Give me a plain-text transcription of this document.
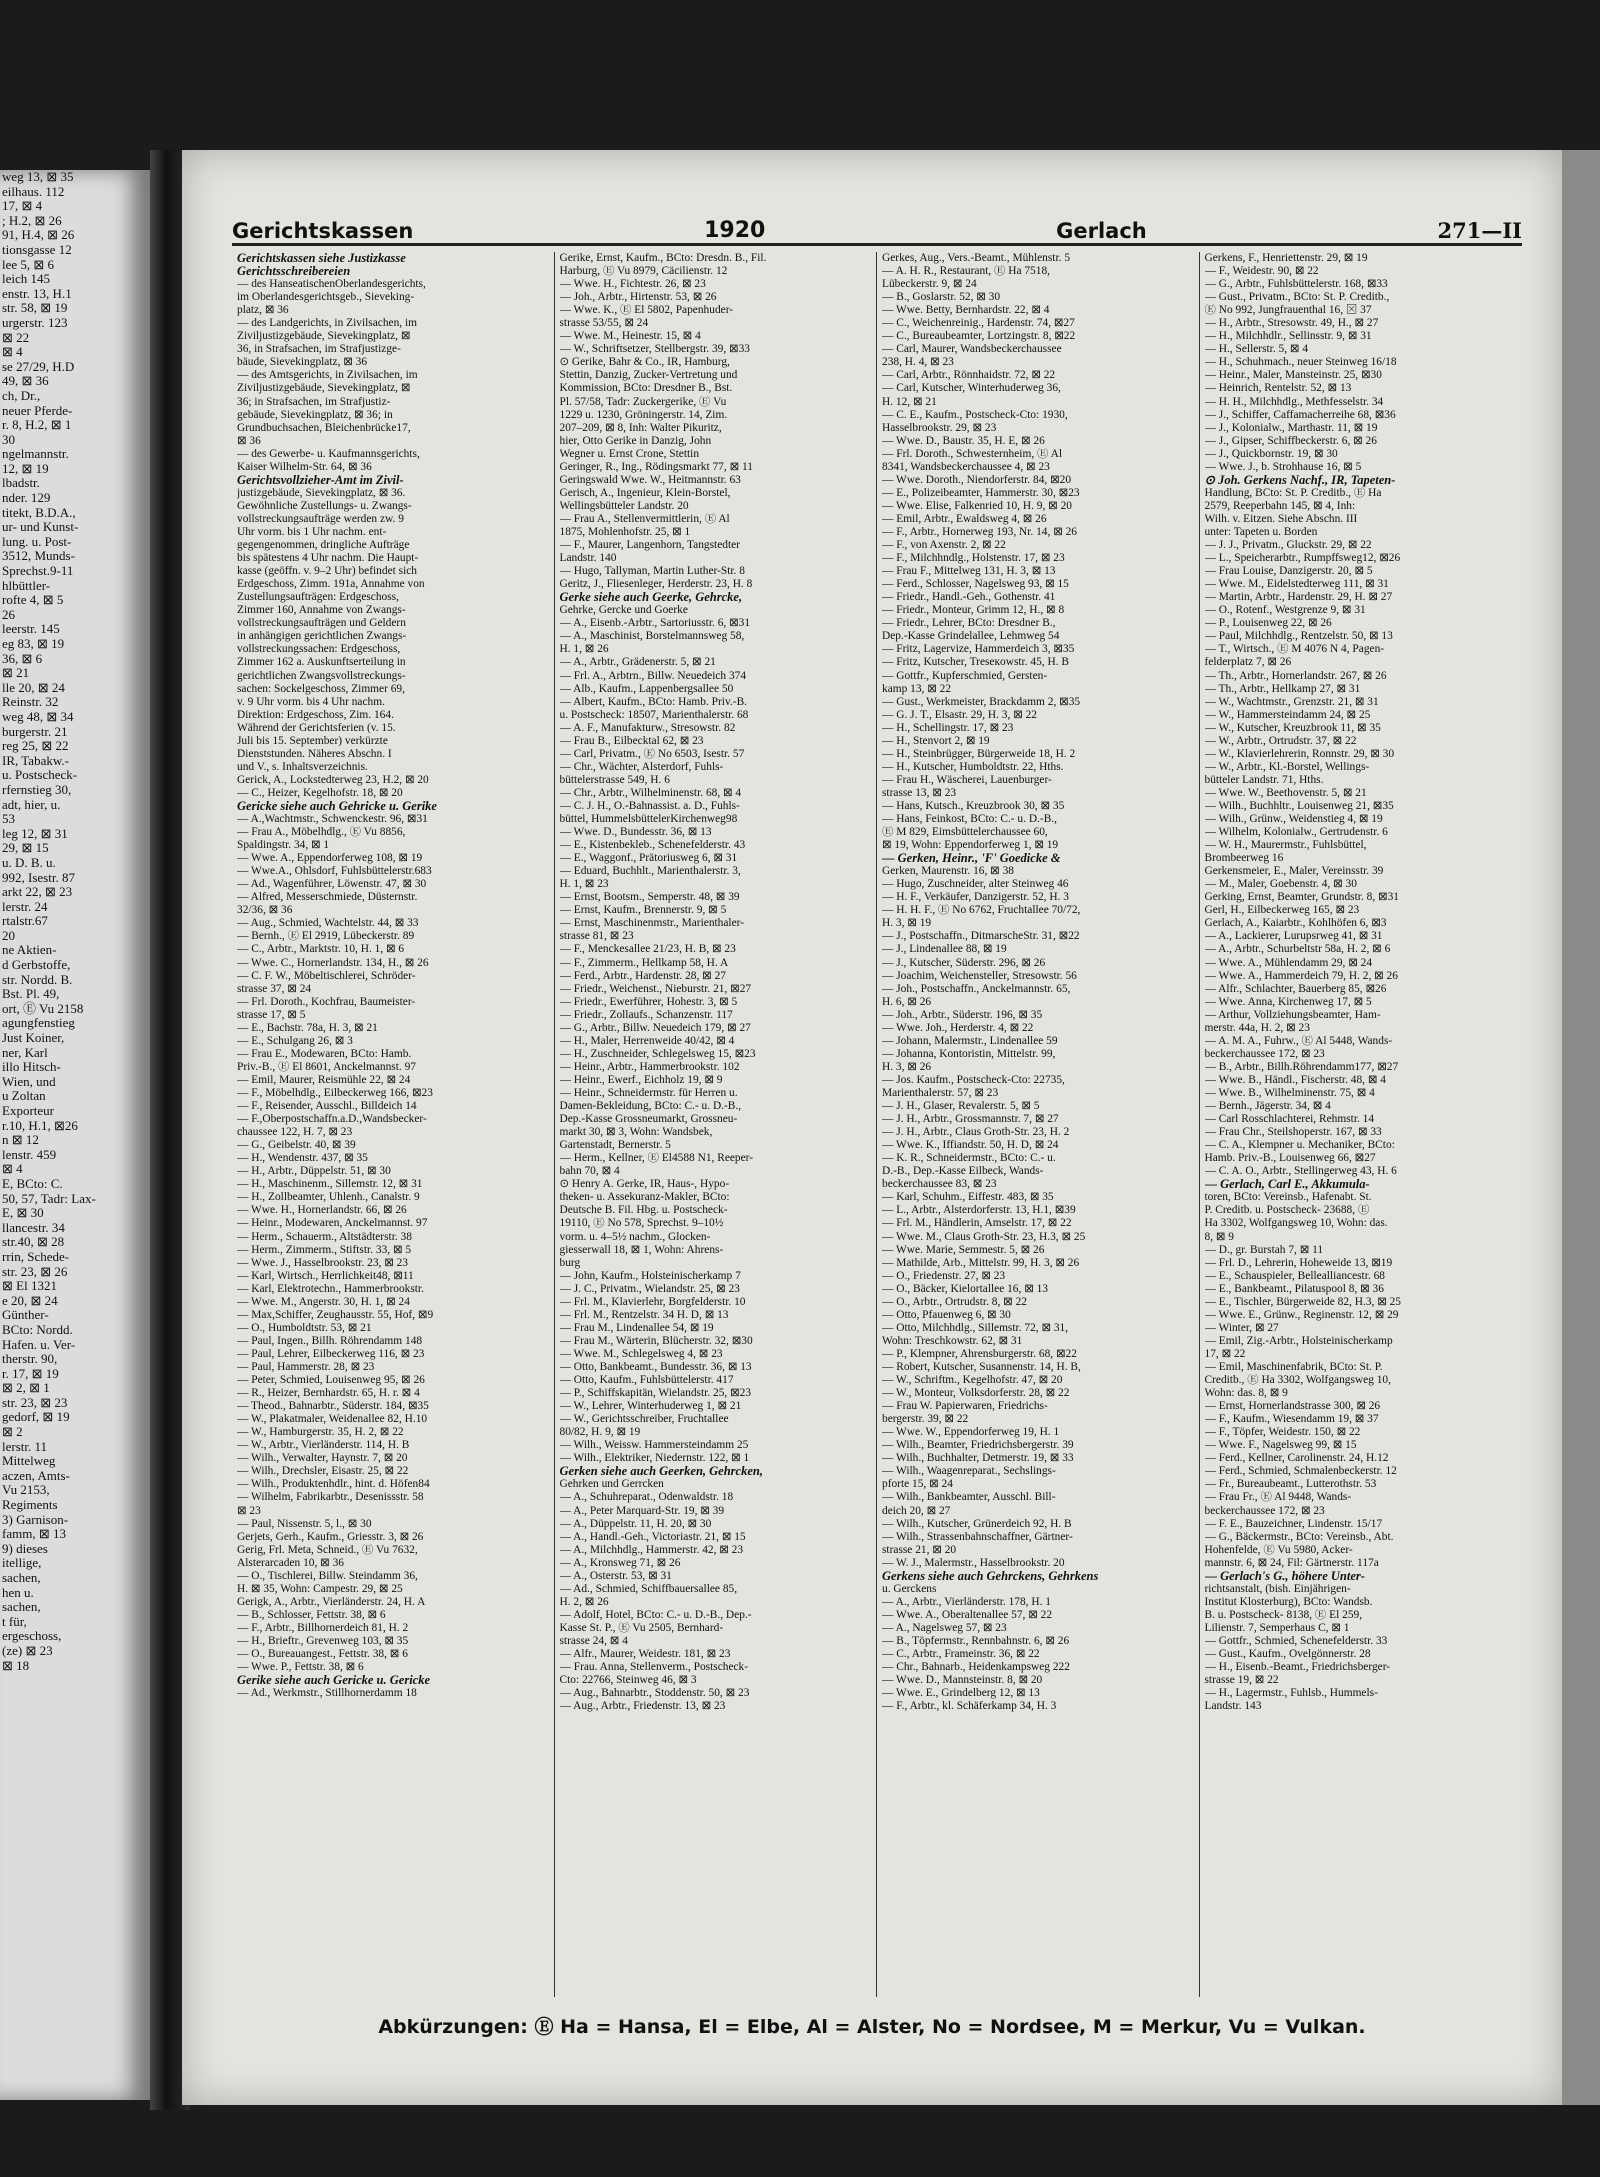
weg 13, ⊠ 35
eilhaus. 112
17, ⊠ 4
; H.2, ⊠ 26
91, H.4, ⊠ 26
tionsgasse 12
lee 5, ⊠ 6
leich 145
enstr. 13, H.1
str. 58, ⊠ 19
urgerstr. 123
⊠ 22
⊠ 4
se 27/29, H.D
49, ⊠ 36
ch, Dr.,
neuer Pferde-
r. 8, H.2, ⊠ 1
30
ngelmannstr.
12, ⊠ 19
lbadstr.
nder. 129
titekt, B.D.A.,
ur- und Kunst-
lung. u. Post-
3512, Munds-
Sprechst.9-11
hlbüttler-
rofte 4, ⊠ 5
26
leerstr. 145
eg 83, ⊠ 19
36, ⊠ 6
⊠ 21
lle 20, ⊠ 24
Reinstr. 32
weg 48, ⊠ 34
burgerstr. 21
reg 25, ⊠ 22
IR, Tabakw.-
u. Postscheck-
rfernstieg 30,
adt, hier, u.
53
leg 12, ⊠ 31
29, ⊠ 15
u. D. B. u.
992, Isestr. 87
arkt 22, ⊠ 23
lerstr. 24
rtalstr.67
20
ne Aktien-
d Gerbstoffe,
str. Nordd. B.
Bst. Pl. 49,
ort, Ⓔ Vu 2158
agungfenstieg
Just Koiner,
ner, Karl
illo Hitsch-
Wien, und
u Zoltan
Exporteur
r.10, H.1, ⊠26
n ⊠ 12
lenstr. 459
⊠ 4
E, BCto: C.
50, 57, Tadr: Lax-
E, ⊠ 30
llancestr. 34
str.40, ⊠ 28
rrin, Schede-
str. 23, ⊠ 26
⊠ El 1321
e 20, ⊠ 24
Günther-
BCto: Nordd.
Hafen. u. Ver-
therstr. 90,
r. 17, ⊠ 19
⊠ 2, ⊠ 1
str. 23, ⊠ 23
gedorf, ⊠ 19
⊠ 2
lerstr. 11
Mittelweg
aczen, Amts-
Vu 2153,
Regiments
3) Garnison-
famm, ⊠ 13
9) dieses
itellige,
sachen,
hen u.
sachen,
t für,
ergeschoss,
(ze) ⊠ 23
⊠ 18
Gerichtskassen	1920	Gerlach	271—II
Gerichtskassen siehe Justizkasse
Gerichtsschreibereien
— des HanseatischenOberlandesgerichts,
im Oberlandesgerichtsgeb., Sieveking-
platz, ⊠ 36
— des Landgerichts, in Zivilsachen, im
Ziviljustizgebäude, Sievekingplatz, ⊠
36, in Strafsachen, im Strafjustizge-
bäude, Sievekingplatz, ⊠ 36
— des Amtsgerichts, in Zivilsachen, im
Ziviljustizgebäude, Sievekingplatz, ⊠
36; in Strafsachen, im Strafjustiz-
gebäude, Sievekingplatz, ⊠ 36; in
Grundbuchsachen, Bleichenbrücke17,
⊠ 36
— des Gewerbe- u. Kaufmannsgerichts,
Kaiser Wilhelm-Str. 64, ⊠ 36
Gerichtsvollzieher-Amt im Zivil-
justizgebäude, Sievekingplatz, ⊠ 36.
Gewöhnliche Zustellungs- u. Zwangs-
vollstreckungsaufträge werden zw. 9
Uhr vorm. bis 1 Uhr nachm. ent-
gegengenommen, dringliche Aufträge
bis spätestens 4 Uhr nachm. Die Haupt-
kasse (geöffn. v. 9–2 Uhr) befindet sich
Erdgeschoss, Zimm. 191a, Annahme von
Zustellungsaufträgen: Erdgeschoss,
Zimmer 160, Annahme von Zwangs-
vollstreckungsaufträgen und Geldern
in anhängigen gerichtlichen Zwangs-
vollstreckungssachen: Erdgeschoss,
Zimmer 162 a. Auskunftserteilung in
gerichtlichen Zwangsvollstreckungs-
sachen: Sockelgeschoss, Zimmer 69,
v. 9 Uhr vorm. bis 4 Uhr nachm.
Direktion: Erdgeschoss, Zim. 164.
Während der Gerichtsferien (v. 15.
Juli bis 15. September) verkürzte
Dienststunden. Näheres Abschn. I
und V., s. Inhaltsverzeichnis.
Gerick, A., Lockstedterweg 23, H.2, ⊠ 20
— C., Heizer, Kegelhofstr. 18, ⊠ 20
Gericke siehe auch Gehricke u. Gerike
— A.,Wachtmstr., Schwenckestr. 96, ⊠31
— Frau A., Möbelhdlg., Ⓔ Vu 8856,
Spaldingstr. 34, ⊠ 1
— Wwe. A., Eppendorferweg 108, ⊠ 19
— Wwe.A., Ohlsdorf, Fuhlsbüttelerstr.683
— Ad., Wagenführer, Löwenstr. 47, ⊠ 30
— Alfred, Messerschmiede, Düsternstr.
32/36, ⊠ 36
— Aug., Schmied, Wachtelstr. 44, ⊠ 33
— Bernh., Ⓔ El 2919, Lübeckerstr. 89
— C., Arbtr., Marktstr. 10, H. 1, ⊠ 6
— Wwe. C., Hornerlandstr. 134, H., ⊠ 26
— C. F. W., Möbeltischlerei, Schröder-
strasse 37, ⊠ 24
— Frl. Doroth., Kochfrau, Baumeister-
strasse 17, ⊠ 5
— E., Bachstr. 78a, H. 3, ⊠ 21
— E., Schulgang 26, ⊠ 3
— Frau E., Modewaren, BCto: Hamb.
Priv.-B., Ⓔ El 8601, Anckelmannst. 97
— Emil, Maurer, Reismühle 22, ⊠ 24
— F., Möbelhdlg., Eilbeckerweg 166, ⊠23
— F., Reisender, Ausschl., Billdeich 14
— F.,Oberpostschaffn.a.D.,Wandsbecker-
chaussee 122, H. 7, ⊠ 23
— G., Geibelstr. 40, ⊠ 39
— H., Wendenstr. 437, ⊠ 35
— H., Arbtr., Düppelstr. 51, ⊠ 30
— H., Maschinenm., Sillemstr. 12, ⊠ 31
— H., Zollbeamter, Uhlenh., Canalstr. 9
— Wwe. H., Hornerlandstr. 66, ⊠ 26
— Heinr., Modewaren, Anckelmannst. 97
— Herm., Schauerm., Altstädterstr. 38
— Herm., Zimmerm., Stiftstr. 33, ⊠ 5
— Wwe. J., Hasselbrookstr. 23, ⊠ 23
— Karl, Wirtsch., Herrlichkeit48, ⊠11
— Karl, Elektrotechn., Hammerbrookstr.
— Wwe. M., Angerstr. 30, H. 1, ⊠ 24
— Max,Schiffer, Zeughausstr. 55, Hof, ⊠9
— O., Humboldtstr. 53, ⊠ 21
— Paul, Ingen., Billh. Röhrendamm 148
— Paul, Lehrer, Eilbeckerweg 116, ⊠ 23
— Paul, Hammerstr. 28, ⊠ 23
— Peter, Schmied, Louisenweg 95, ⊠ 26
— R., Heizer, Bernhardstr. 65, H. r. ⊠ 4
— Theod., Bahnarbtr., Süderstr. 184, ⊠35
— W., Plakatmaler, Weidenallee 82, H.10
— W., Hamburgerstr. 35, H. 2, ⊠ 22
— W., Arbtr., Vierländerstr. 114, H. B
— Wilh., Verwalter, Haynstr. 7, ⊠ 20
— Wilh., Drechsler, Eisastr. 25, ⊠ 22
— Wilh., Produktenhdlr., hint. d. Höfen84
— Wilhelm, Fabrikarbtr., Desenissstr. 58
⊠ 23
— Paul, Nissenstr. 5, l., ⊠ 30
Gerjets, Gerh., Kaufm., Griesstr. 3, ⊠ 26
Gerig, Frl. Meta, Schneid., Ⓔ Vu 7632,
Alsterarcaden 10, ⊠ 36
— O., Tischlerei, Billw. Steindamm 36,
H. ⊠ 35, Wohn: Campestr. 29, ⊠ 25
Gerigk, A., Arbtr., Vierländerstr. 24, H. A
— B., Schlosser, Fettstr. 38, ⊠ 6
— F., Arbtr., Billhornerdeich 81, H. 2
— H., Brieftr., Grevenweg 103, ⊠ 35
— O., Bureauangest., Fettstr. 38, ⊠ 6
— Wwe. P., Fettstr. 38, ⊠ 6
Gerike siehe auch Gericke u. Gericke
— Ad., Werkmstr., Stillhornerdamm 18
Gerike, Ernst, Kaufm., BCto: Dresdn. B., Fil.
Harburg, Ⓔ Vu 8979, Cäcilienstr. 12
— Wwe. H., Fichtestr. 26, ⊠ 23
— Joh., Arbtr., Hirtenstr. 53, ⊠ 26
— Wwe. K., Ⓔ El 5802, Papenhuder-
strasse 53/55, ⊠ 24
— Wwe. M., Heinestr. 15, ⊠ 4
— W., Schriftsetzer, Stellbergstr. 39, ⊠33
⊙ Gerike, Bahr & Co., IR, Hamburg,
Stettin, Danzig, Zucker-Vertretung und
Kommission, BCto: Dresdner B., Bst.
Pl. 57/58, Tadr: Zuckergerike, Ⓔ Vu
1229 u. 1230, Gröningerstr. 14, Zim.
207–209, ⊠ 8, Inh: Walter Pikuritz,
hier, Otto Gerike in Danzig, John
Wegner u. Ernst Crone, Stettin
Geringer, R., Ing., Rödingsmarkt 77, ⊠ 11
Geringswald Wwe. W., Heitmannstr. 63
Gerisch, A., Ingenieur, Klein-Borstel,
Wellingsbütteler Landstr. 20
— Frau A., Stellenvermittlerin, Ⓔ Al
1875, Mohlenhofstr. 25, ⊠ 1
— F., Maurer, Langenhorn, Tangstedter
Landstr. 140
— Hugo, Tallyman, Martin Luther-Str. 8
Geritz, J., Fliesenleger, Herderstr. 23, H. 8
Gerke siehe auch Geerke, Gehrcke,
Gehrke, Gercke und Goerke
— A., Eisenb.-Arbtr., Sartoriusstr. 6, ⊠31
— A., Maschinist, Borstelmannsweg 58,
H. 1, ⊠ 26
— A., Arbtr., Grädenerstr. 5, ⊠ 21
— Frl. A., Arbtrn., Billw. Neuedeich 374
— Alb., Kaufm., Lappenbergsallee 50
— Albert, Kaufm., BCto: Hamb. Priv.-B.
u. Postscheck: 18507, Marienthalerstr. 68
— A. F., Manufakturw., Stresowstr. 82
— Frau B., Eilbecktal 62, ⊠ 23
— Carl, Privatm., Ⓔ No 6503, Isestr. 57
— Chr., Wächter, Alsterdorf, Fuhls-
büttelerstrasse 549, H. 6
— Chr., Arbtr., Wilhelminenstr. 68, ⊠ 4
— C. J. H., O.-Bahnassist. a. D., Fuhls-
büttel, HummelsbüttelerKirchenweg98
— Wwe. D., Bundesstr. 36, ⊠ 13
— E., Kistenbeklеb., Schenefelderstr. 43
— E., Waggonf., Prätoriusweg 6, ⊠ 31
— Eduard, Buchhlt., Marienthalerstr. 3,
H. 1, ⊠ 23
— Ernst, Bootsm., Semperstr. 48, ⊠ 39
— Ernst, Kaufm., Brennerstr. 9, ⊠ 5
— Ernst, Maschinenmstr., Marienthaler-
strasse 81, ⊠ 23
— F., Menckesallee 21/23, H. B, ⊠ 23
— F., Zimmerm., Hellkamp 58, H. A
— Ferd., Arbtr., Hardenstr. 28, ⊠ 27
— Friedr., Weichenst., Nieburstr. 21, ⊠27
— Friedr., Ewerführer, Hohestr. 3, ⊠ 5
— Friedr., Zollaufs., Schanzenstr. 117
— G., Arbtr., Billw. Neuedeich 179, ⊠ 27
— H., Maler, Herrenweide 40/42, ⊠ 4
— H., Zuschneider, Schlegelsweg 15, ⊠23
— Heinr., Arbtr., Hammerbrookstr. 102
— Heinr., Ewerf., Eichholz 19, ⊠ 9
— Heinr., Schneidermstr. für Herren u.
Damen-Bekleidung, BCto: C.- u. D.-B.,
Dep.-Kasse Grossneumarkt, Grossneu-
markt 30, ⊠ 3, Wohn: Wandsbek,
Gartenstadt, Bernerstr. 5
— Herm., Kellner, Ⓔ El4588 N1, Reeper-
bahn 70, ⊠ 4
⊙ Henry A. Gerke, IR, Haus-, Hypo-
theken- u. Assekuranz-Makler, BCto:
Deutsche B. Fil. Hbg. u. Postscheck-
19110, Ⓔ No 578, Sprechst. 9–10½
vorm. u. 4–5½ nachm., Glocken-
giesserwall 18, ⊠ 1, Wohn: Ahrens-
burg
— John, Kaufm., Holsteinischerkamp 7
— J. C., Privatm., Wielandstr. 25, ⊠ 23
— Frl. M., Klavierlehr, Borgfelderstr. 10
— Frl. M., Rentzelstr. 34 H. D, ⊠ 13
— Frau M., Lindenallee 54, ⊠ 19
— Frau M., Wärterin, Blücherstr. 32, ⊠30
— Wwe. M., Schlegelsweg 4, ⊠ 23
— Otto, Bankbeamt., Bundesstr. 36, ⊠ 13
— Otto, Kaufm., Fuhlsbüttelerstr. 417
— P., Schiffskapitän, Wielandstr. 25, ⊠23
— W., Lehrer, Winterhuderweg 1, ⊠ 21
— W., Gerichtsschreiber, Fruchtallee
80/82, H. 9, ⊠ 19
— Wilh., Weissw. Hammersteindamm 25
— Wilh., Elektriker, Niedernstr. 122, ⊠ 1
Gerken siehe auch Geerken, Gehrcken,
Gehrken und Gerrcken
— A., Schuhreparat., Odenwaldstr. 18
— A., Peter Marquard-Str. 19, ⊠ 39
— A., Düppelstr. 11, H. 20, ⊠ 30
— A., Handl.-Geh., Victoriastr. 21, ⊠ 15
— A., Milchhdlg., Hammerstr. 42, ⊠ 23
— A., Kronsweg 71, ⊠ 26
— A., Osterstr. 53, ⊠ 31
— Ad., Schmied, Schiffbauersallee 85,
H. 2, ⊠ 26
— Adolf, Hotel, BCto: C.- u. D.-B., Dep.-
Kasse St. P., Ⓔ Vu 2505, Bernhard-
strasse 24, ⊠ 4
— Alfr., Maurer, Weidestr. 181, ⊠ 23
— Frau. Anna, Stellenverm., Postscheck-
Cto: 22766, Steinweg 46, ⊠ 3
— Aug., Bahnarbtr., Stoddenstr. 50, ⊠ 23
— Aug., Arbtr., Friedenstr. 13, ⊠ 23
Gerkes, Aug., Vers.-Beamt., Mühlenstr. 5
— A. H. R., Restaurant, Ⓔ Ha 7518,
Lübeckerstr. 9, ⊠ 24
— B., Goslarstr. 52, ⊠ 30
— Wwe. Betty, Bernhardstr. 22, ⊠ 4
— C., Weichenreinig., Hardenstr. 74, ⊠27
— C., Bureaubeamter, Lortzingstr. 8, ⊠22
— Carl, Maurer, Wandsbeckerchaussee
238, H. 4, ⊠ 23
— Carl, Arbtr., Rönnhaidstr. 72, ⊠ 22
— Carl, Kutscher, Winterhuderweg 36,
H. 12, ⊠ 21
— C. E., Kaufm., Postscheck-Cto: 1930,
Hasselbrookstr. 29, ⊠ 23
— Wwe. D., Baustr. 35, H. E, ⊠ 26
— Frl. Doroth., Schwesternheim, Ⓔ Al
8341, Wandsbeckerchaussee 4, ⊠ 23
— Wwe. Doroth., Niendorferstr. 84, ⊠20
— E., Polizeibeamter, Hammerstr. 30, ⊠23
— Wwe. Elise, Falkenried 10, H. 9, ⊠ 20
— Emil, Arbtr., Ewaldsweg 4, ⊠ 26
— F., Arbtr., Hornerweg 193, Nr. 14, ⊠ 26
— F., von Axenstr. 2, ⊠ 22
— F., Milchhndlg., Holstenstr. 17, ⊠ 23
— Frau F., Mittelweg 131, H. 3, ⊠ 13
— Ferd., Schlosser, Nagelsweg 93, ⊠ 15
— Friedr., Handl.-Geh., Gothenstr. 41
— Friedr., Monteur, Grimm 12, H., ⊠ 8
— Friedr., Lehrer, BCto: Dresdner B.,
Dep.-Kasse Grindelallee, Lehmweg 54
— Fritz, Lagervize, Hammerdeich 3, ⊠35
— Fritz, Kutscher, Treseкowstr. 45, H. B
— Gottfr., Kupferschmied, Gersten-
kamp 13, ⊠ 22
— Gust., Werkmeister, Brackdamm 2, ⊠35
— G. J. T., Elsastr. 29, H. 3, ⊠ 22
— H., Schellingstr. 17, ⊠ 23
— H., Stenvort 2, ⊠ 19
— H., Steinbrügger, Bürgerweide 18, H. 2
— H., Kutscher, Humboldtstr. 22, Hths.
— Frau H., Wäscherei, Lauenburger-
strasse 13, ⊠ 23
— Hans, Kutsch., Kreuzbrook 30, ⊠ 35
— Hans, Feinkost, BCto: C.- u. D.-B.,
Ⓔ M 829, Eimsbüttelerchaussee 60,
⊠ 19, Wohn: Eppendorferweg 1, ⊠ 19
— Gerken, Heinr., 'F' Goedicke &
Gerken, Maurenstr. 16, ⊠ 38
— Hugo, Zuschneider, alter Steinweg 46
— H. F., Verkäufer, Danzigerstr. 52, H. 3
— H. H. F., Ⓔ No 6762, Fruchtallee 70/72,
H. 3, ⊠ 19
— J., Postschaffn., DitmarscheStr. 31, ⊠22
— J., Lindenallee 88, ⊠ 19
— J., Kutscher, Süderstr. 296, ⊠ 26
— Joachim, Weichensteller, Stresowstr. 56
— Joh., Postschaffn., Anckelmannstr. 65,
H. 6, ⊠ 26
— Joh., Arbtr., Süderstr. 196, ⊠ 35
— Wwe. Joh., Herderstr. 4, ⊠ 22
— Johann, Malermstr., Lindenallee 59
— Johanna, Kontoristin, Mittelstr. 99,
H. 3, ⊠ 26
— Jos. Kaufm., Postscheck-Cto: 22735,
Marienthalerstr. 57, ⊠ 23
— J. H., Glaser, Revalerstr. 5, ⊠ 5
— J. H., Arbtr., Grossmannstr. 7, ⊠ 27
— J. H., Arbtr., Claus Groth-Str. 23, H. 2
— Wwe. K., Iffiandstr. 50, H. D, ⊠ 24
— K. R., Schneidermstr., BCto: C.- u.
D.-B., Dep.-Kasse Eilbeck, Wands-
beckerchaussee 83, ⊠ 23
— Karl, Schuhm., Eiffestr. 483, ⊠ 35
— L., Arbtr., Alsterdorferstr. 13, H.1, ⊠39
— Frl. M., Händlerin, Amselstr. 17, ⊠ 22
— Wwe. M., Claus Groth-Str. 23, H.3, ⊠ 25
— Wwe. Marie, Semmestr. 5, ⊠ 26
— Mathilde, Arb., Mittelstr. 99, H. 3, ⊠ 26
— O., Friedenstr. 27, ⊠ 23
— O., Bäcker, Kielortallee 16, ⊠ 13
— O., Arbtr., Ortrudstr. 8, ⊠ 22
— Otto, Pfauenweg 6, ⊠ 30
— Otto, Milchhdlg., Sillemstr. 72, ⊠ 31,
Wohn: Treschkowstr. 62, ⊠ 31
— P., Klempner, Ahrensburgerstr. 68, ⊠22
— Robert, Kutscher, Susannenstr. 14, H. B,
— W., Schriftm., Kegelhofstr. 47, ⊠ 20
— W., Monteur, Volksdorferstr. 28, ⊠ 22
— Frau W. Papierwaren, Friedrichs-
bergerstr. 39, ⊠ 22
— Wwe. W., Eppendorferweg 19, H. 1
— Wilh., Beamter, Friedrichsbergerstr. 39
— Wilh., Buchhalter, Detmerstr. 19, ⊠ 33
— Wilh., Waagenreparat., Sechslings-
pforte 15, ⊠ 24
— Wilh., Bankbeamter, Ausschl. Bill-
deich 20, ⊠ 27
— Wilh., Kutscher, Grünerdeich 92, H. B
— Wilh., Strassenbahnschaffner, Gärtner-
strasse 21, ⊠ 20
— W. J., Malermstr., Hasselbrookstr. 20
Gerkens siehe auch Gehrckens, Gehrkens
u. Gerckens
— A., Arbtr., Vierländerstr. 178, H. 1
— Wwe. A., Oberaltenallee 57, ⊠ 22
— A., Nagelsweg 57, ⊠ 23
— B., Töpfermstr., Rennbahnstr. 6, ⊠ 26
— C., Arbtr., Frameinstr. 36, ⊠ 22
— Chr., Bahnarb., Heidenkampsweg 222
— Wwe. D., Mannsteinstr. 8, ⊠ 20
— Wwe. E., Grindelberg 12, ⊠ 13
— F., Arbtr., kl. Schäferkamp 34, H. 3
Gerkens, F., Henriettenstr. 29, ⊠ 19
— F., Weidestr. 90, ⊠ 22
— G., Arbtr., Fuhlsbüttelerstr. 168, ⊠33
— Gust., Privatm., BCto: St. P. Creditb.,
Ⓔ No 992, Jungfrauenthal 16, ⊠ 37
— H., Arbtr., Stresowstr. 49, H., ⊠ 27
— H., Milchhdlr., Sellinsstr. 9, ⊠ 31
— H., Sellerstr. 5, ⊠ 4
— H., Schuhmach., neuer Steinweg 16/18
— Heinr., Maler, Mansteinstr. 25, ⊠30
— Heinrich, Rentelstr. 52, ⊠ 13
— H. H., Milchhdlg., Methfesselstr. 34
— J., Schiffer, Caffamacherreihe 68, ⊠36
— J., Kolonialw., Marthastr. 11, ⊠ 19
— J., Gipser, Schiffbeckerstr. 6, ⊠ 26
— J., Quickbornstr. 19, ⊠ 30
— Wwe. J., b. Strohhause 16, ⊠ 5
⊙ Joh. Gerkens Nachf., IR, Tapeten-
Handlung, BCto: St. P. Creditb., Ⓔ Ha
2579, Reeperbahn 145, ⊠ 4, Inh:
Wilh. v. Eitzen. Siehe Abschn. III
unter: Tapeten u. Borden
— J. J., Privatm., Gluckstr. 29, ⊠ 22
— L., Speicherarbtr., Rumpffsweg12, ⊠26
— Frau Louise, Danzigerstr. 20, ⊠ 5
— Wwe. M., Eidelstedterweg 111, ⊠ 31
— Martin, Arbtr., Hardenstr. 29, H. ⊠ 27
— O., Rotenf., Westgrenze 9, ⊠ 31
— P., Louisenweg 22, ⊠ 26
— Paul, Milchhdlg., Rentzelstr. 50, ⊠ 13
— T., Wirtsch., Ⓔ M 4076 N 4, Pagen-
felderplatz 7, ⊠ 26
— Th., Arbtr., Hornerlandstr. 267, ⊠ 26
— Th., Arbtr., Hellkamp 27, ⊠ 31
— W., Wachtmstr., Grenzstr. 21, ⊠ 31
— W., Hammersteindamm 24, ⊠ 25
— W., Kutscher, Kreuzbrook 11, ⊠ 35
— W., Arbtr., Ortrudstr. 37, ⊠ 22
— W., Klavierlehrerin, Ronnstr. 29, ⊠ 30
— W., Arbtr., Kl.-Borstel, Wellings-
bütteler Landstr. 71, Hths.
— Wwe. W., Beethovenstr. 5, ⊠ 21
— Wilh., Buchhltr., Louisenweg 21, ⊠35
— Wilh., Grünw., Weidenstieg 4, ⊠ 19
— Wilhelm, Kolonialw., Gertrudenstr. 6
— W. H., Maurermstr., Fuhlsbüttel,
Brombeerweg 16
Gerkensmeier, E., Maler, Vereinsstr. 39
— M., Maler, Goebenstr. 4, ⊠ 30
Gerking, Ernst, Beamter, Grundstr. 8, ⊠31
Gerl, H., Eilbeckerweg 165, ⊠ 23
Gerlach, A., Kaiarbtr., Kohlhöfen 6, ⊠3
— A., Lackierer, Lurupsrweg 41, ⊠ 31
— A., Arbtr., Schurbeltstr 58a, H. 2, ⊠ 6
— Wwe. A., Mühlendamm 29, ⊠ 24
— Wwe. A., Hammerdeich 79, H. 2, ⊠ 26
— Alfr., Schlachter, Bauerberg 85, ⊠26
— Wwe. Anna, Kirchenweg 17, ⊠ 5
— Arthur, Vollziehungsbeamter, Ham-
merstr. 44a, H. 2, ⊠ 23
— A. M. A., Fuhrw., Ⓔ Al 5448, Wands-
beckerchaussee 172, ⊠ 23
— B., Arbtr., Billh.Röhrendamm177, ⊠27
— Wwe. B., Händl., Fischerstr. 48, ⊠ 4
— Wwe. B., Wilhelminenstr. 75, ⊠ 4
— Bernh., Jägerstr. 34, ⊠ 4
— Carl Rosschlachterei, Rehmstr. 14
— Frau Chr., Steilshoperstr. 167, ⊠ 33
— C. A., Klempner u. Mechaniker, BCto:
Hamb. Priv.-B., Louisenweg 66, ⊠27
— C. A. O., Arbtr., Stellingerweg 43, H. 6
— Gerlach, Carl E., Akkumula-
toren, BCto: Vereinsb., Hafenabt. St.
P. Creditb. u. Postscheck- 23688, Ⓔ
Ha 3302, Wolfgangsweg 10, Wohn: das.
8, ⊠ 9
— D., gr. Burstah 7, ⊠ 11
— Frl. D., Lehrerin, Hoheweide 13, ⊠19
— E., Schauspieler, Bellealliancestr. 68
— E., Bankbeamt., Pilatuspool 8, ⊠ 36
— E., Tischler, Bürgerweide 82, H.3, ⊠ 25
— Wwe. E., Grünw., Reginenstr. 12, ⊠ 29
— Winter, ⊠ 27
— Emil, Zig.-Arbtr., Holsteinischerkamp
17, ⊠ 22
— Emil, Maschinenfabrik, BCto: St. P.
Creditb., Ⓔ Ha 3302, Wolfgangsweg 10,
Wohn: das. 8, ⊠ 9
— Ernst, Hornerlandstrasse 300, ⊠ 26
— F., Kaufm., Wiesendamm 19, ⊠ 37
— F., Töpfer, Weidestr. 150, ⊠ 22
— Wwe. F., Nagelsweg 99, ⊠ 15
— Ferd., Kellner, Carolinenstr. 24, H.12
— Ferd., Schmied, Schmalenbeckerstr. 12
— Fr., Bureaubeamt., Lutterothstr. 53
— Frau Fr., Ⓔ Al 9448, Wands-
beckerchaussee 172, ⊠ 23
— F. E., Bauzeichner, Lindenstr. 15/17
— G., Bäckermstr., BCto: Vereinsb., Abt.
Hohenfelde, Ⓔ Vu 5980, Acker-
mannstr. 6, ⊠ 24, Fil: Gärtnerstr. 117a
— Gerlach's G., höhere Unter-
richtsanstalt, (bish. Einjährigen-
Institut Klosterburg), BCto: Wandsb.
B. u. Postscheck- 8138, Ⓔ El 259,
Lilienstr. 7, Semperhaus C, ⊠ 1
— Gottfr., Schmied, Schenefelderstr. 33
— Gust., Kaufm., Ovelgönnerstr. 28
— H., Eisenb.-Beamt., Friedrichsberger-
strasse 19, ⊠ 22
— H., Lagermstr., Fuhlsb., Hummels-
Landstr. 143
Abkürzungen: Ⓔ Ha = Hansa, El = Elbe, Al = Alster, No = Nordsee, M = Merkur, Vu = Vulkan.
